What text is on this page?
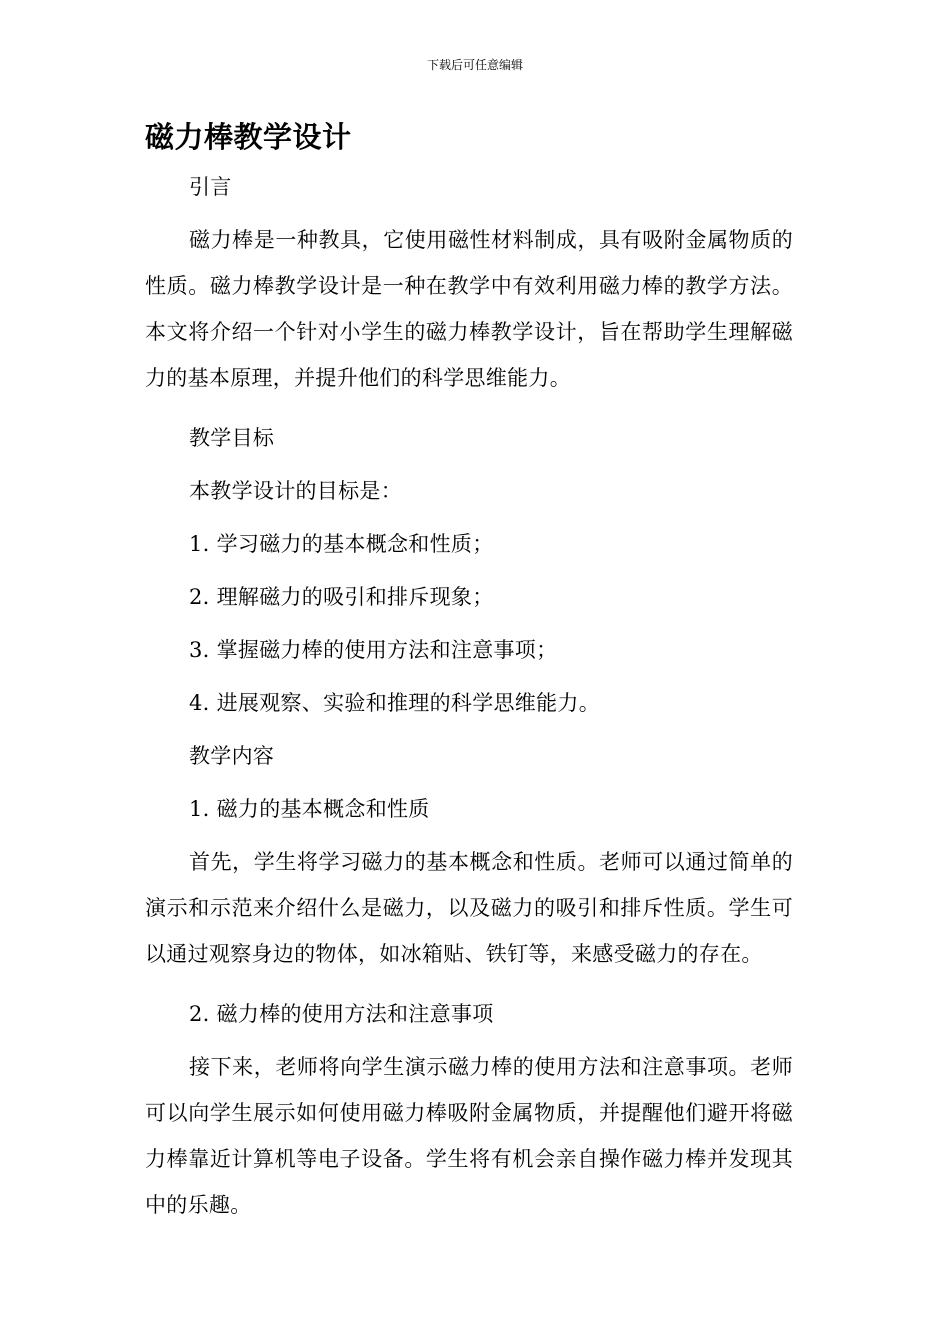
下载后可任意编辑
磁力棒教学设计

引言

磁力棒是一种教具，它使用磁性材料制成，具有吸附金属物质的性质。磁力棒教学设计是一种在教学中有效利用磁力棒的教学方法。本文将介绍一个针对小学生的磁力棒教学设计，旨在帮助学生理解磁力的基本原理，并提升他们的科学思维能力。

教学目标

本教学设计的目标是：

1. 学习磁力的基本概念和性质；

2. 理解磁力的吸引和排斥现象；

3. 掌握磁力棒的使用方法和注意事项；

4. 进展观察、实验和推理的科学思维能力。

教学内容

1. 磁力的基本概念和性质

首先，学生将学习磁力的基本概念和性质。老师可以通过简单的演示和示范来介绍什么是磁力，以及磁力的吸引和排斥性质。学生可以通过观察身边的物体，如冰箱贴、铁钉等，来感受磁力的存在。

2. 磁力棒的使用方法和注意事项

接下来，老师将向学生演示磁力棒的使用方法和注意事项。老师可以向学生展示如何使用磁力棒吸附金属物质，并提醒他们避开将磁力棒靠近计算机等电子设备。学生将有机会亲自操作磁力棒并发现其中的乐趣。
